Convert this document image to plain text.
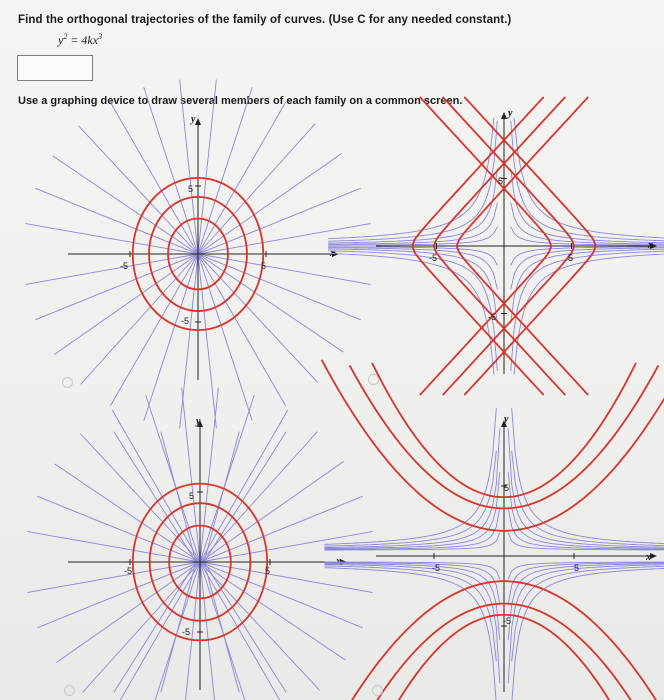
Find the orthogonal trajectories of the family of curves. (Use C for any needed constant.)
$y^2 = 4kx^3$
Use a graphing device to draw several members of each family on a common screen.
y
x
-5	5
5
-5
y
x
-5	5
5
-5
y
x
-5	5
5
-5
y
x
-5	5
5
-5
